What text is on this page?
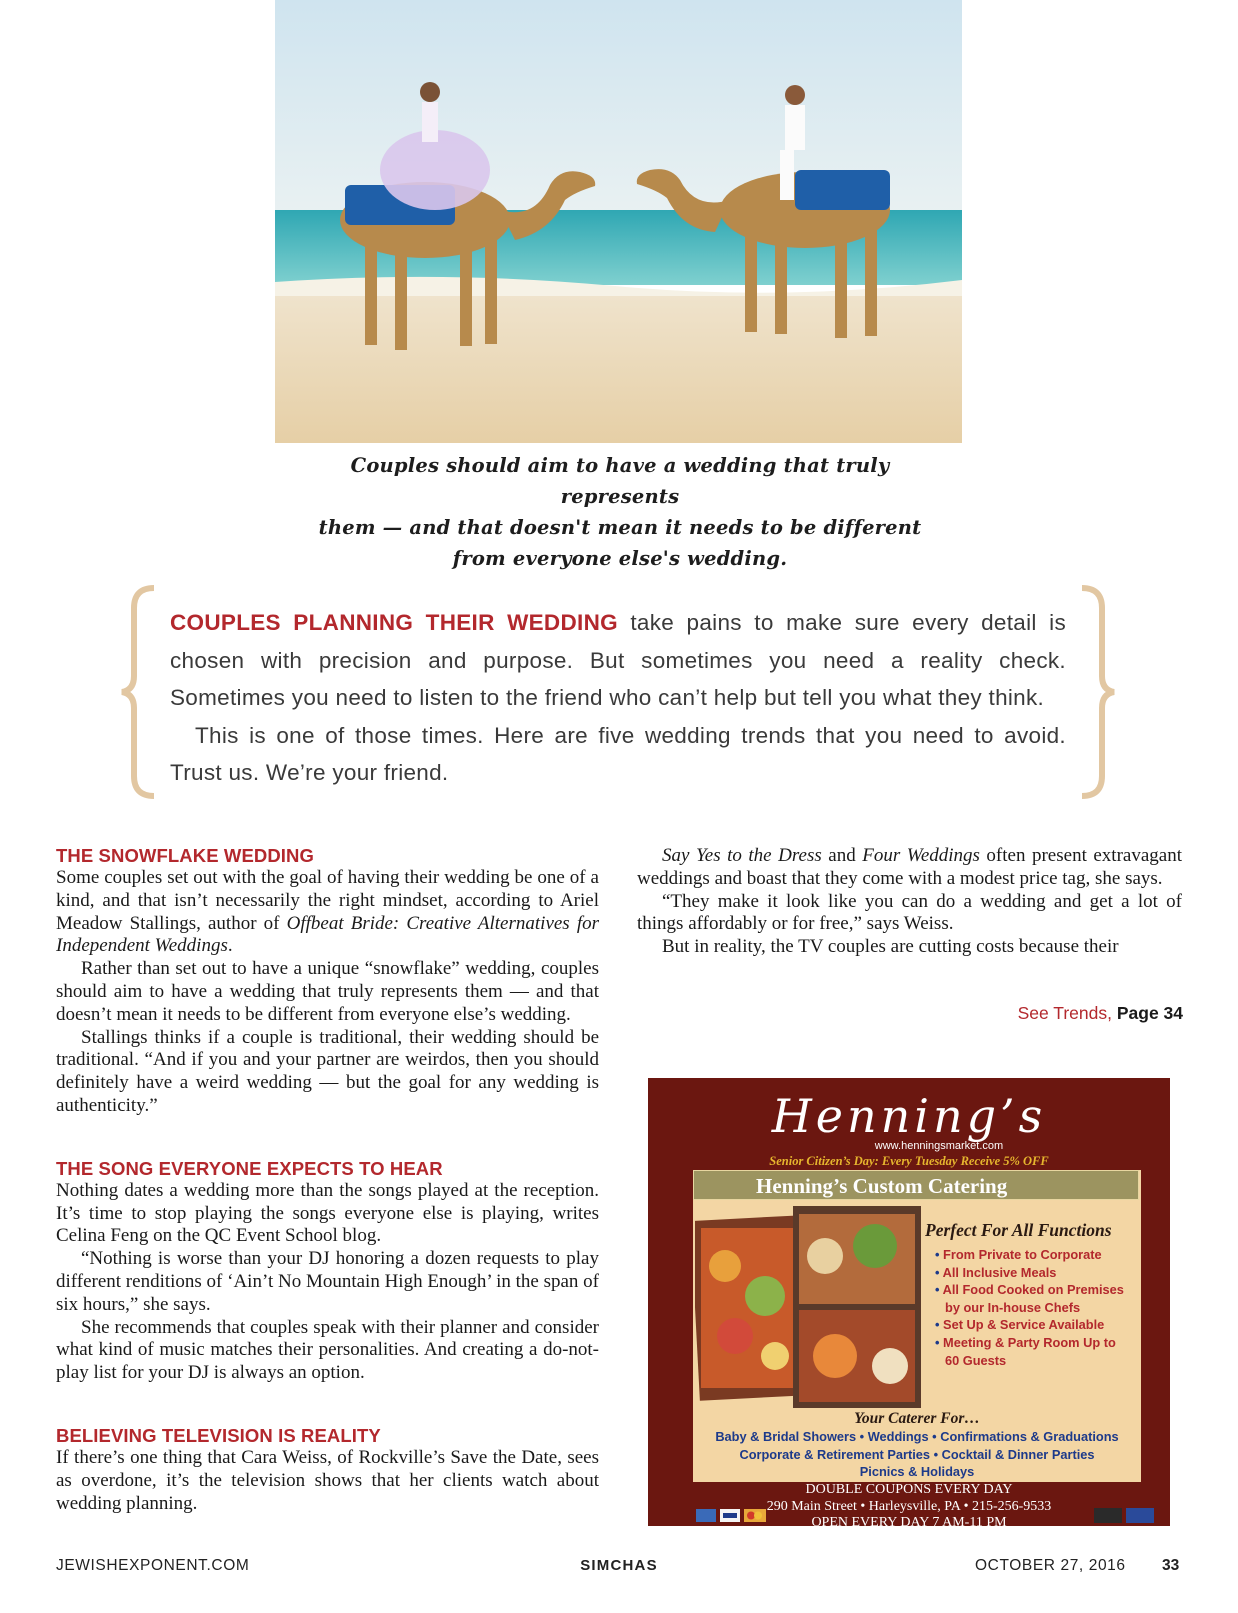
Couples should aim to have a wedding that truly represents
them — and that doesn't mean it needs to be different
from everyone else's wedding.

COUPLES PLANNING THEIR WEDDING take pains to make sure every detail is chosen with precision and purpose. But sometimes you need a reality check. Sometimes you need to listen to the friend who can’t help but tell you what they think.

This is one of those times. Here are five wedding trends that you need to avoid. Trust us. We’re your friend.

THE SNOWFLAKE WEDDING

Some couples set out with the goal of having their wedding be one of a kind, and that isn’t necessarily the right mindset, according to Ariel Meadow Stallings, author of Offbeat Bride: Creative Alternatives for Independent Weddings.

Rather than set out to have a unique “snowflake” wedding, couples should aim to have a wedding that truly represents them — and that doesn’t mean it needs to be different from everyone else’s wedding.

Stallings thinks if a couple is traditional, their wedding should be traditional. “And if you and your partner are weirdos, then you should definitely have a weird wedding — but the goal for any wedding is authenticity.”

THE SONG EVERYONE EXPECTS TO HEAR

Nothing dates a wedding more than the songs played at the reception. It’s time to stop playing the songs everyone else is playing, writes Celina Feng on the QC Event School blog.

“Nothing is worse than your DJ honoring a dozen requests to play different renditions of ‘Ain’t No Mountain High Enough’ in the span of six hours,” she says.

She recommends that couples speak with their planner and consider what kind of music matches their personalities. And creating a do-not-play list for your DJ is always an option.

BELIEVING TELEVISION IS REALITY

If there’s one thing that Cara Weiss, of Rockville’s Save the Date, sees as overdone, it’s the television shows that her clients watch about wedding planning.

Say Yes to the Dress and Four Weddings often present extravagant weddings and boast that they come with a modest price tag, she says.

“They make it look like you can do a wedding and get a lot of things affordably or for free,” says Weiss.

But in reality, the TV couples are cutting costs because their

See Trends, Page 34
Henning’s
www.henningsmarket.com
Senior Citizen’s Day: Every Tuesday Receive 5% OFF
Henning’s Custom Catering
Perfect For All Functions
• From Private to Corporate
• All Inclusive Meals
• All Food Cooked on Premises by our In-house Chefs
• Set Up & Service Available
• Meeting & Party Room Up to 60 Guests
Your Caterer For…
Baby & Bridal Showers • Weddings • Confirmations & Graduations
Corporate & Retirement Parties • Cocktail & Dinner Parties
Picnics & Holidays
DOUBLE COUPONS EVERY DAY
290 Main Street • Harleysville, PA • 215-256-9533
OPEN EVERY DAY 7 AM-11 PM
JEWISHEXPONENT.COM	SIMCHAS	OCTOBER 27, 2016 33
